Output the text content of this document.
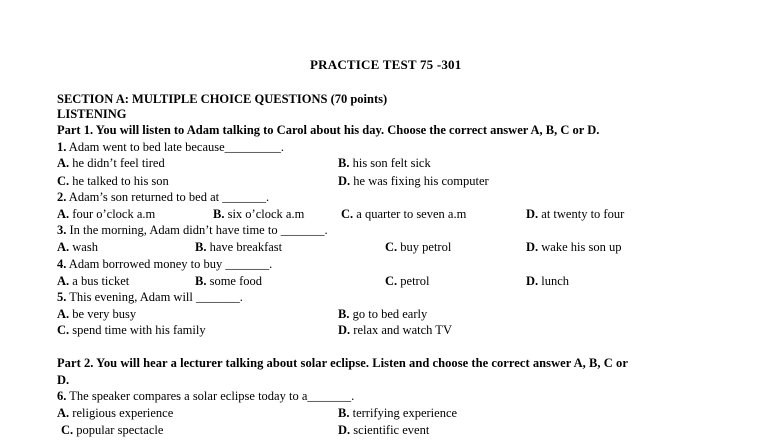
PRACTICE TEST 75 -301
SECTION A: MULTIPLE CHOICE QUESTIONS (70 points)
LISTENING
Part 1. You will listen to Adam talking to Carol about his day. Choose the correct answer A, B, C or D.
1. Adam went to bed late because_________.
A. he didn’t feel tired	B. his son felt sick
C. he talked to his son	D. he was fixing his computer
2. Adam’s son returned to bed at _______.
A. four o’clock a.m	B. six o’clock a.m	C. a quarter to seven a.m	D. at twenty to four
3. In the morning, Adam didn’t have time to _______.
A. wash	B. have breakfast	C. buy petrol	D. wake his son up
4. Adam borrowed money to buy _______.
A. a bus ticket	B. some food	C. petrol	D. lunch
5. This evening, Adam will _______.
A. be very busy	B. go to bed early
C. spend time with his family	D. relax and watch TV
Part 2. You will hear a lecturer talking about solar eclipse. Listen and choose the correct answer A, B, C or
D.
6. The speaker compares a solar eclipse today to a_______.
A. religious experience	B. terrifying experience
C. popular spectacle	D. scientific event
